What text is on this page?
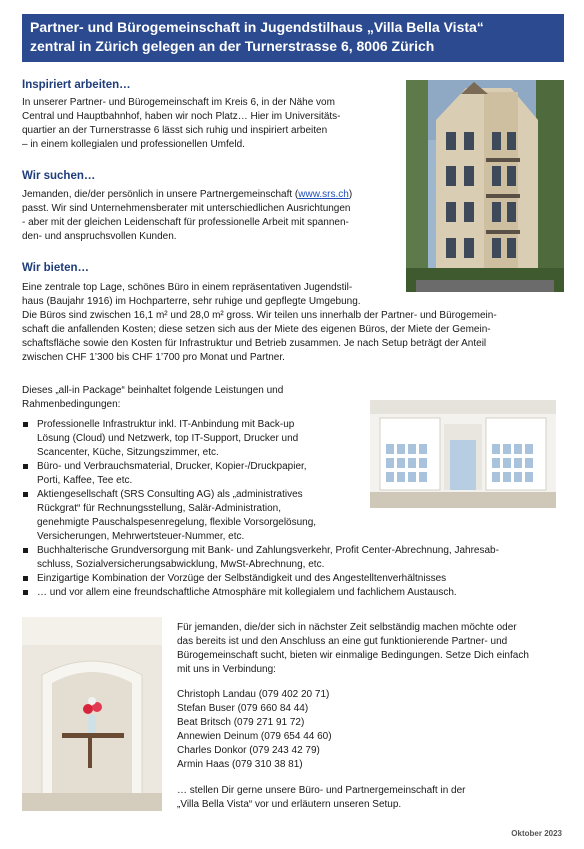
Partner- und Bürogemeinschaft in Jugendstilhaus „Villa Bella Vista“
zentral in Zürich gelegen an der Turnerstrasse 6, 8006 Zürich
Inspiriert arbeiten…
In unserer Partner- und Bürogemeinschaft im Kreis 6, in der Nähe vom
Central und Hauptbahnhof, haben wir noch Platz… Hier im Universitäts-
quartier an der Turnerstrasse 6 lässt sich ruhig und inspiriert arbeiten
– in einem kollegialen und professionellen Umfeld.
Wir suchen…
Jemanden, die/der persönlich in unsere Partnergemeinschaft (www.srs.ch)
passt. Wir sind Unternehmensberater mit unterschiedlichen Ausrichtungen
- aber mit der gleichen Leidenschaft für professionelle Arbeit mit spannen-
den- und anspruchsvollen Kunden.
Wir bieten…
Eine zentrale top Lage, schönes Büro in einem repräsentativen Jugendstil-
haus (Baujahr 1916) im Hochparterre, sehr ruhige und gepflegte Umgebung.
Die Büros sind zwischen 16,1 m² und 28,0 m² gross. Wir teilen uns innerhalb der Partner- und Bürogemein-
schaft die anfallenden Kosten; diese setzen sich aus der Miete des eigenen Büros, der Miete der Gemein-
schaftsfläche sowie den Kosten für Infrastruktur und Betrieb zusammen. Je nach Setup beträgt der Anteil
zwischen CHF 1’300 bis CHF 1’700 pro Monat und Partner.
Dieses „all-in Package“ beinhaltet folgende Leistungen und
Rahmenbedingungen:
Professionelle Infrastruktur inkl. IT-Anbindung mit Back-up
Lösung (Cloud) und Netzwerk, top IT-Support, Drucker und
Scancenter, Küche, Sitzungszimmer, etc.
Büro- und Verbrauchsmaterial, Drucker, Kopier-/Druckpapier,
Porti, Kaffee, Tee etc.
Aktiengesellschaft (SRS Consulting AG) als „administratives
Rückgrat“ für Rechnungsstellung, Salär-Administration,
genehmigte Pauschalspesenregelung, flexible Vorsorgelösung,
Versicherungen, Mehrwertsteuer-Nummer, etc.
Buchhalterische Grundversorgung mit Bank- und Zahlungsverkehr, Profit Center-Abrechnung, Jahresab-
schluss, Sozialversicherungsabwicklung, MwSt-Abrechnung, etc.
Einzigartige Kombination der Vorzüge der Selbständigkeit und des Angestelltenverhältnisses
… und vor allem eine freundschaftliche Atmosphäre mit kollegialem und fachlichem Austausch.
Für jemanden, die/der sich in nächster Zeit selbständig machen möchte oder
das bereits ist und den Anschluss an eine gut funktionierende Partner- und
Bürogemeinschaft sucht, bieten wir einmalige Bedingungen. Setze Dich einfach
mit uns in Verbindung:
Christoph Landau (079 402 20 71)
Stefan Buser (079 660 84 44)
Beat Britsch (079 271 91 72)
Annewien Deinum (079 654 44 60)
Charles Donkor (079 243 42 79)
Armin Haas (079 310 38 81)
… stellen Dir gerne unsere Büro- und Partnergemeinschaft in der
„Villa Bella Vista“ vor und erläutern unseren Setup.
Oktober 2023
